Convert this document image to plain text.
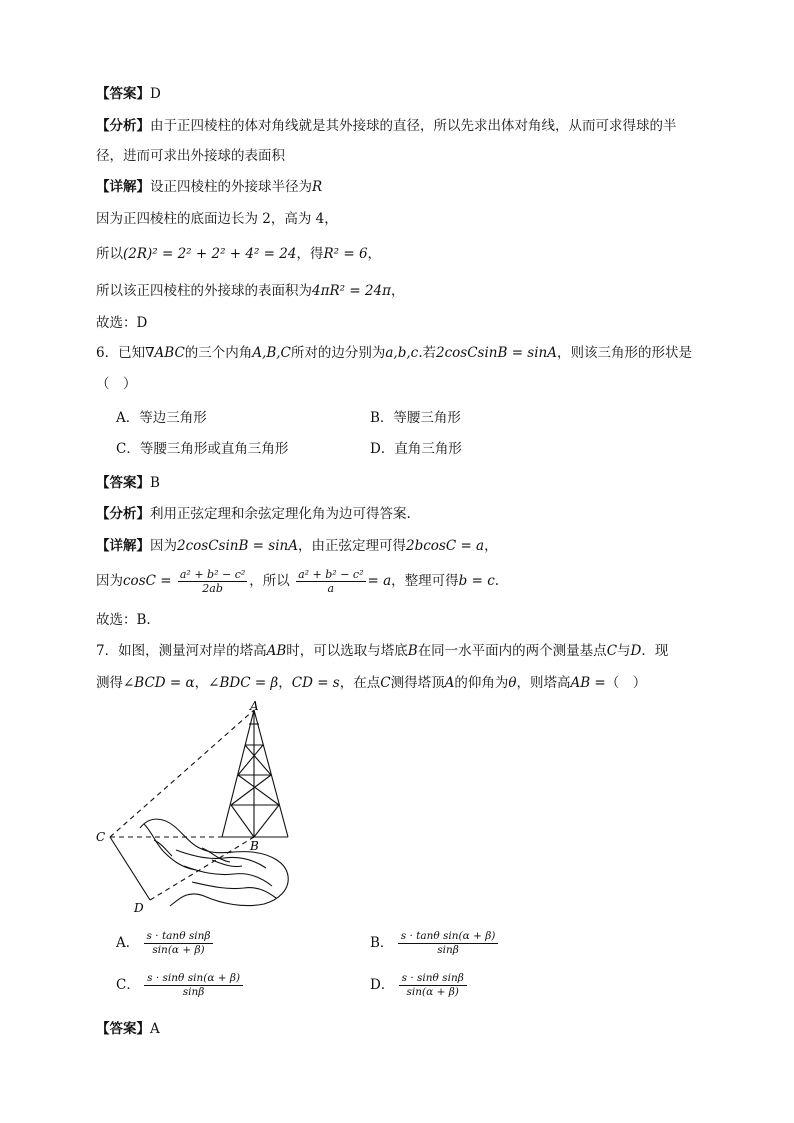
【答案】D
【分析】由于正四棱柱的体对角线就是其外接球的直径，所以先求出体对角线，从而可求得球的半
径，进而可求出外接球的表面积
【详解】设正四棱柱的外接球半径为R
因为正四棱柱的底面边长为 2，高为 4，
所以(2R)² = 2² + 2² + 4² = 24，得R² = 6，
所以该正四棱柱的外接球的表面积为4πR² = 24π，
故选：D
6．已知∇ABC的三个内角A,B,C所对的边分别为a,b,c.若2cosCsinB = sinA，则该三角形的形状是
（　）
A．等边三角形	B．等腰三角形
C．等腰三角形或直角三角形	D．直角三角形
【答案】B
【分析】利用正弦定理和余弦定理化角为边可得答案.
【详解】因为2cosCsinB = sinA，由正弦定理可得2bcosC = a，
因为$\cos C = \frac{\text{a² + b² − c²}}{2ab}$ ，所以 $\frac{\text{a² + b² − c²}}{a} = a$，整理可得b = c.
故选：B.
7．如图，测量河对岸的塔高AB时，可以选取与塔底B在同一水平面内的两个测量基点C与D．现
测得∠BCD = α，∠BDC = β，CD = s，在点C测得塔顶A的仰角为θ，则塔高AB =（　）
A
B
C
D
A． $\frac{\text{s · tanθ sinβ}}{\sin(\alpha + \beta)}$	B． $\frac{\text{s · tanθ sin(α + β)}}{\sin\beta}$
C． $\frac{\text{s · sinθ sin(α + β)}}{\sin\beta}$	D． $\frac{\text{s · sinθ sinβ}}{\sin(\alpha + \beta)}$
【答案】A
